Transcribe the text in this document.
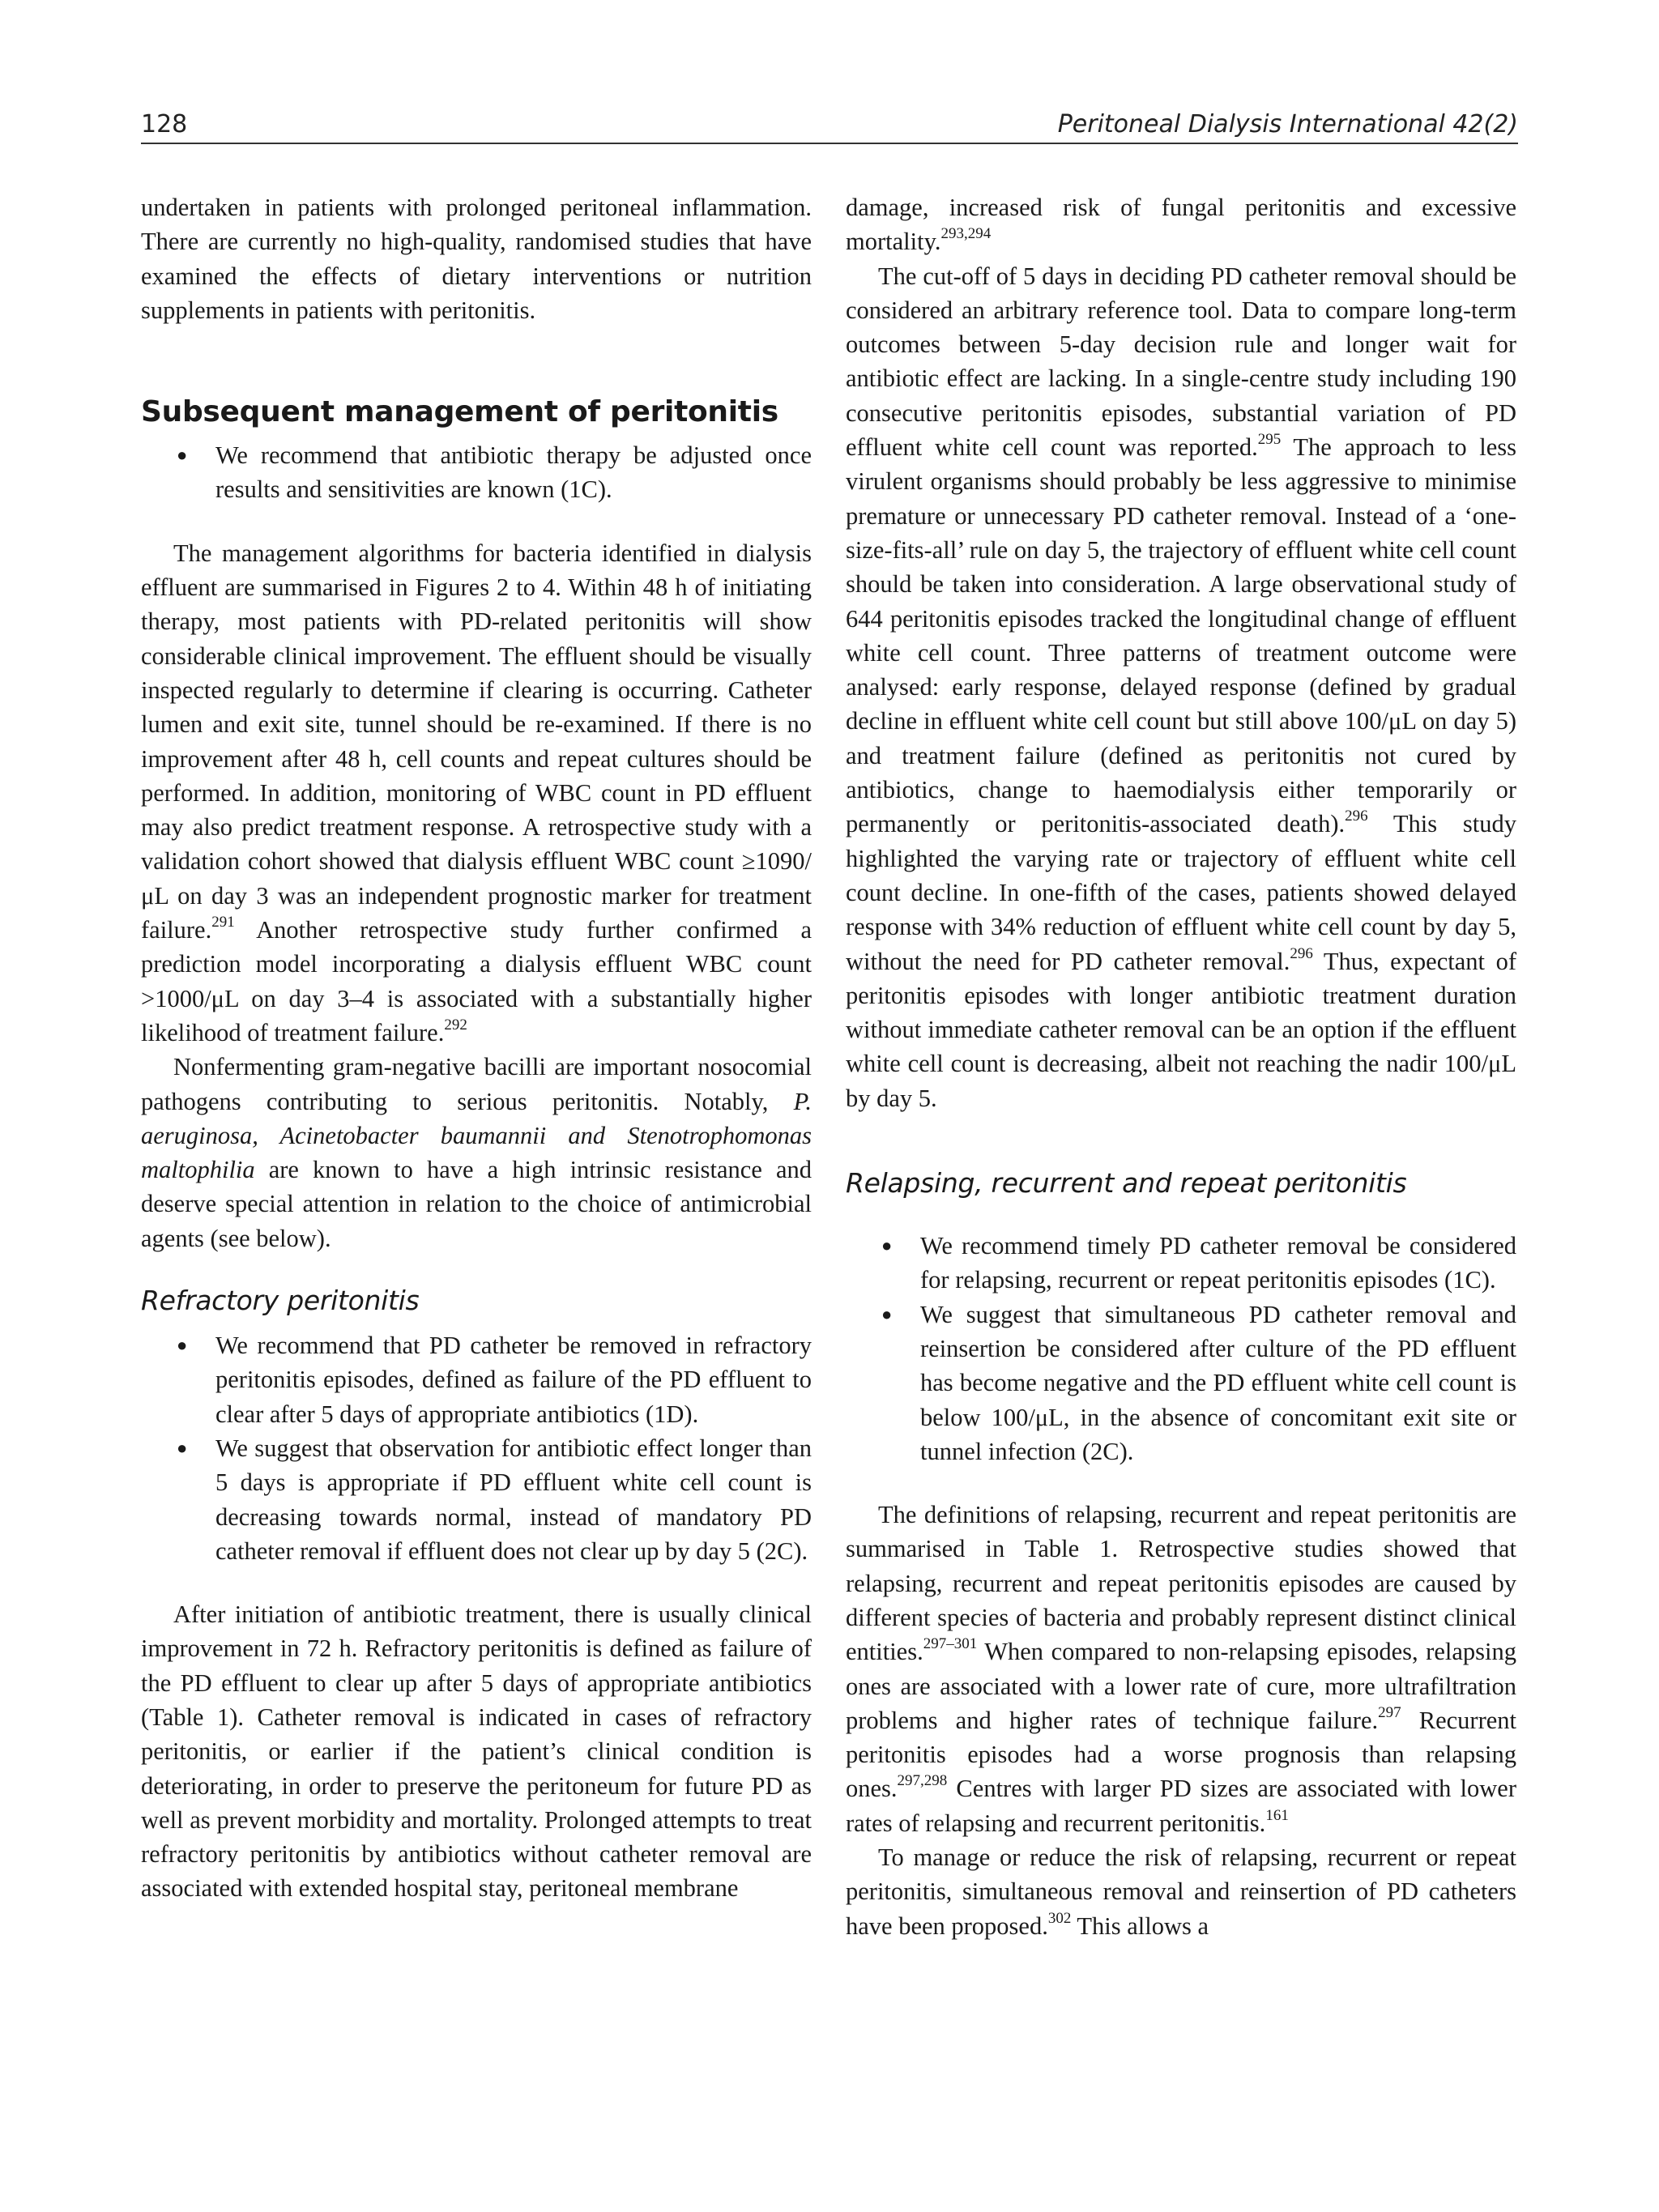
128	Peritoneal Dialysis International 42(2)

undertaken in patients with prolonged peritoneal inflammation. There are currently no high-quality, randomised studies that have examined the effects of dietary interventions or nutrition supplements in patients with peritonitis.

Subsequent management of peritonitis
● We recommend that antibiotic therapy be adjusted once results and sensitivities are known (1C).

The management algorithms for bacteria identified in dialysis effluent are summarised in Figures 2 to 4. Within 48 h of initiating therapy, most patients with PD-related peritonitis will show considerable clinical improvement. The effluent should be visually inspected regularly to determine if clearing is occurring. Catheter lumen and exit site, tunnel should be re-examined. If there is no improvement after 48 h, cell counts and repeat cultures should be performed. In addition, monitoring of WBC count in PD effluent may also predict treatment response. A retrospective study with a validation cohort showed that dialysis effluent WBC count ≥1090/μL on day 3 was an independent prognostic marker for treatment failure.$^{291}$ Another retrospective study further confirmed a prediction model incorporating a dialysis effluent WBC count >1000/μL on day 3–4 is associated with a substantially higher likelihood of treatment failure.$^{292}$

Nonfermenting gram-negative bacilli are important nosocomial pathogens contributing to serious peritonitis. Notably, P. aeruginosa, Acinetobacter baumannii and Stenotrophomonas maltophilia are known to have a high intrinsic resistance and deserve special attention in relation to the choice of antimicrobial agents (see below).

Refractory peritonitis
● We recommend that PD catheter be removed in refractory peritonitis episodes, defined as failure of the PD effluent to clear after 5 days of appropriate antibiotics (1D).
● We suggest that observation for antibiotic effect longer than 5 days is appropriate if PD effluent white cell count is decreasing towards normal, instead of mandatory PD catheter removal if effluent does not clear up by day 5 (2C).

After initiation of antibiotic treatment, there is usually clinical improvement in 72 h. Refractory peritonitis is defined as failure of the PD effluent to clear up after 5 days of appropriate antibiotics (Table 1). Catheter removal is indicated in cases of refractory peritonitis, or earlier if the patient’s clinical condition is deteriorating, in order to preserve the peritoneum for future PD as well as prevent morbidity and mortality. Prolonged attempts to treat refractory peritonitis by antibiotics without catheter removal are associated with extended hospital stay, peritoneal membrane

damage, increased risk of fungal peritonitis and excessive mortality.$^{293,294}$

The cut-off of 5 days in deciding PD catheter removal should be considered an arbitrary reference tool. Data to compare long-term outcomes between 5-day decision rule and longer wait for antibiotic effect are lacking. In a single-centre study including 190 consecutive peritonitis episodes, substantial variation of PD effluent white cell count was reported.$^{295}$ The approach to less virulent organisms should probably be less aggressive to minimise premature or unnecessary PD catheter removal. Instead of a ‘one-size-fits-all’ rule on day 5, the trajectory of effluent white cell count should be taken into consideration. A large observational study of 644 peritonitis episodes tracked the longitudinal change of effluent white cell count. Three patterns of treatment outcome were analysed: early response, delayed response (defined by gradual decline in effluent white cell count but still above 100/μL on day 5) and treatment failure (defined as peritonitis not cured by antibiotics, change to haemodialysis either temporarily or permanently or peritonitis-associated death).$^{296}$ This study highlighted the varying rate or trajectory of effluent white cell count decline. In one-fifth of the cases, patients showed delayed response with 34% reduction of effluent white cell count by day 5, without the need for PD catheter removal.$^{296}$ Thus, expectant of peritonitis episodes with longer antibiotic treatment duration without immediate catheter removal can be an option if the effluent white cell count is decreasing, albeit not reaching the nadir 100/μL by day 5.

Relapsing, recurrent and repeat peritonitis
● We recommend timely PD catheter removal be considered for relapsing, recurrent or repeat peritonitis episodes (1C).
● We suggest that simultaneous PD catheter removal and reinsertion be considered after culture of the PD effluent has become negative and the PD effluent white cell count is below 100/μL, in the absence of concomitant exit site or tunnel infection (2C).

The definitions of relapsing, recurrent and repeat peritonitis are summarised in Table 1. Retrospective studies showed that relapsing, recurrent and repeat peritonitis episodes are caused by different species of bacteria and probably represent distinct clinical entities.$^{297-301}$ When compared to non-relapsing episodes, relapsing ones are associated with a lower rate of cure, more ultrafiltration problems and higher rates of technique failure.$^{297}$ Recurrent peritonitis episodes had a worse prognosis than relapsing ones.$^{297,298}$ Centres with larger PD sizes are associated with lower rates of relapsing and recurrent peritonitis.$^{161}$

To manage or reduce the risk of relapsing, recurrent or repeat peritonitis, simultaneous removal and reinsertion of PD catheters have been proposed.$^{302}$ This allows a
